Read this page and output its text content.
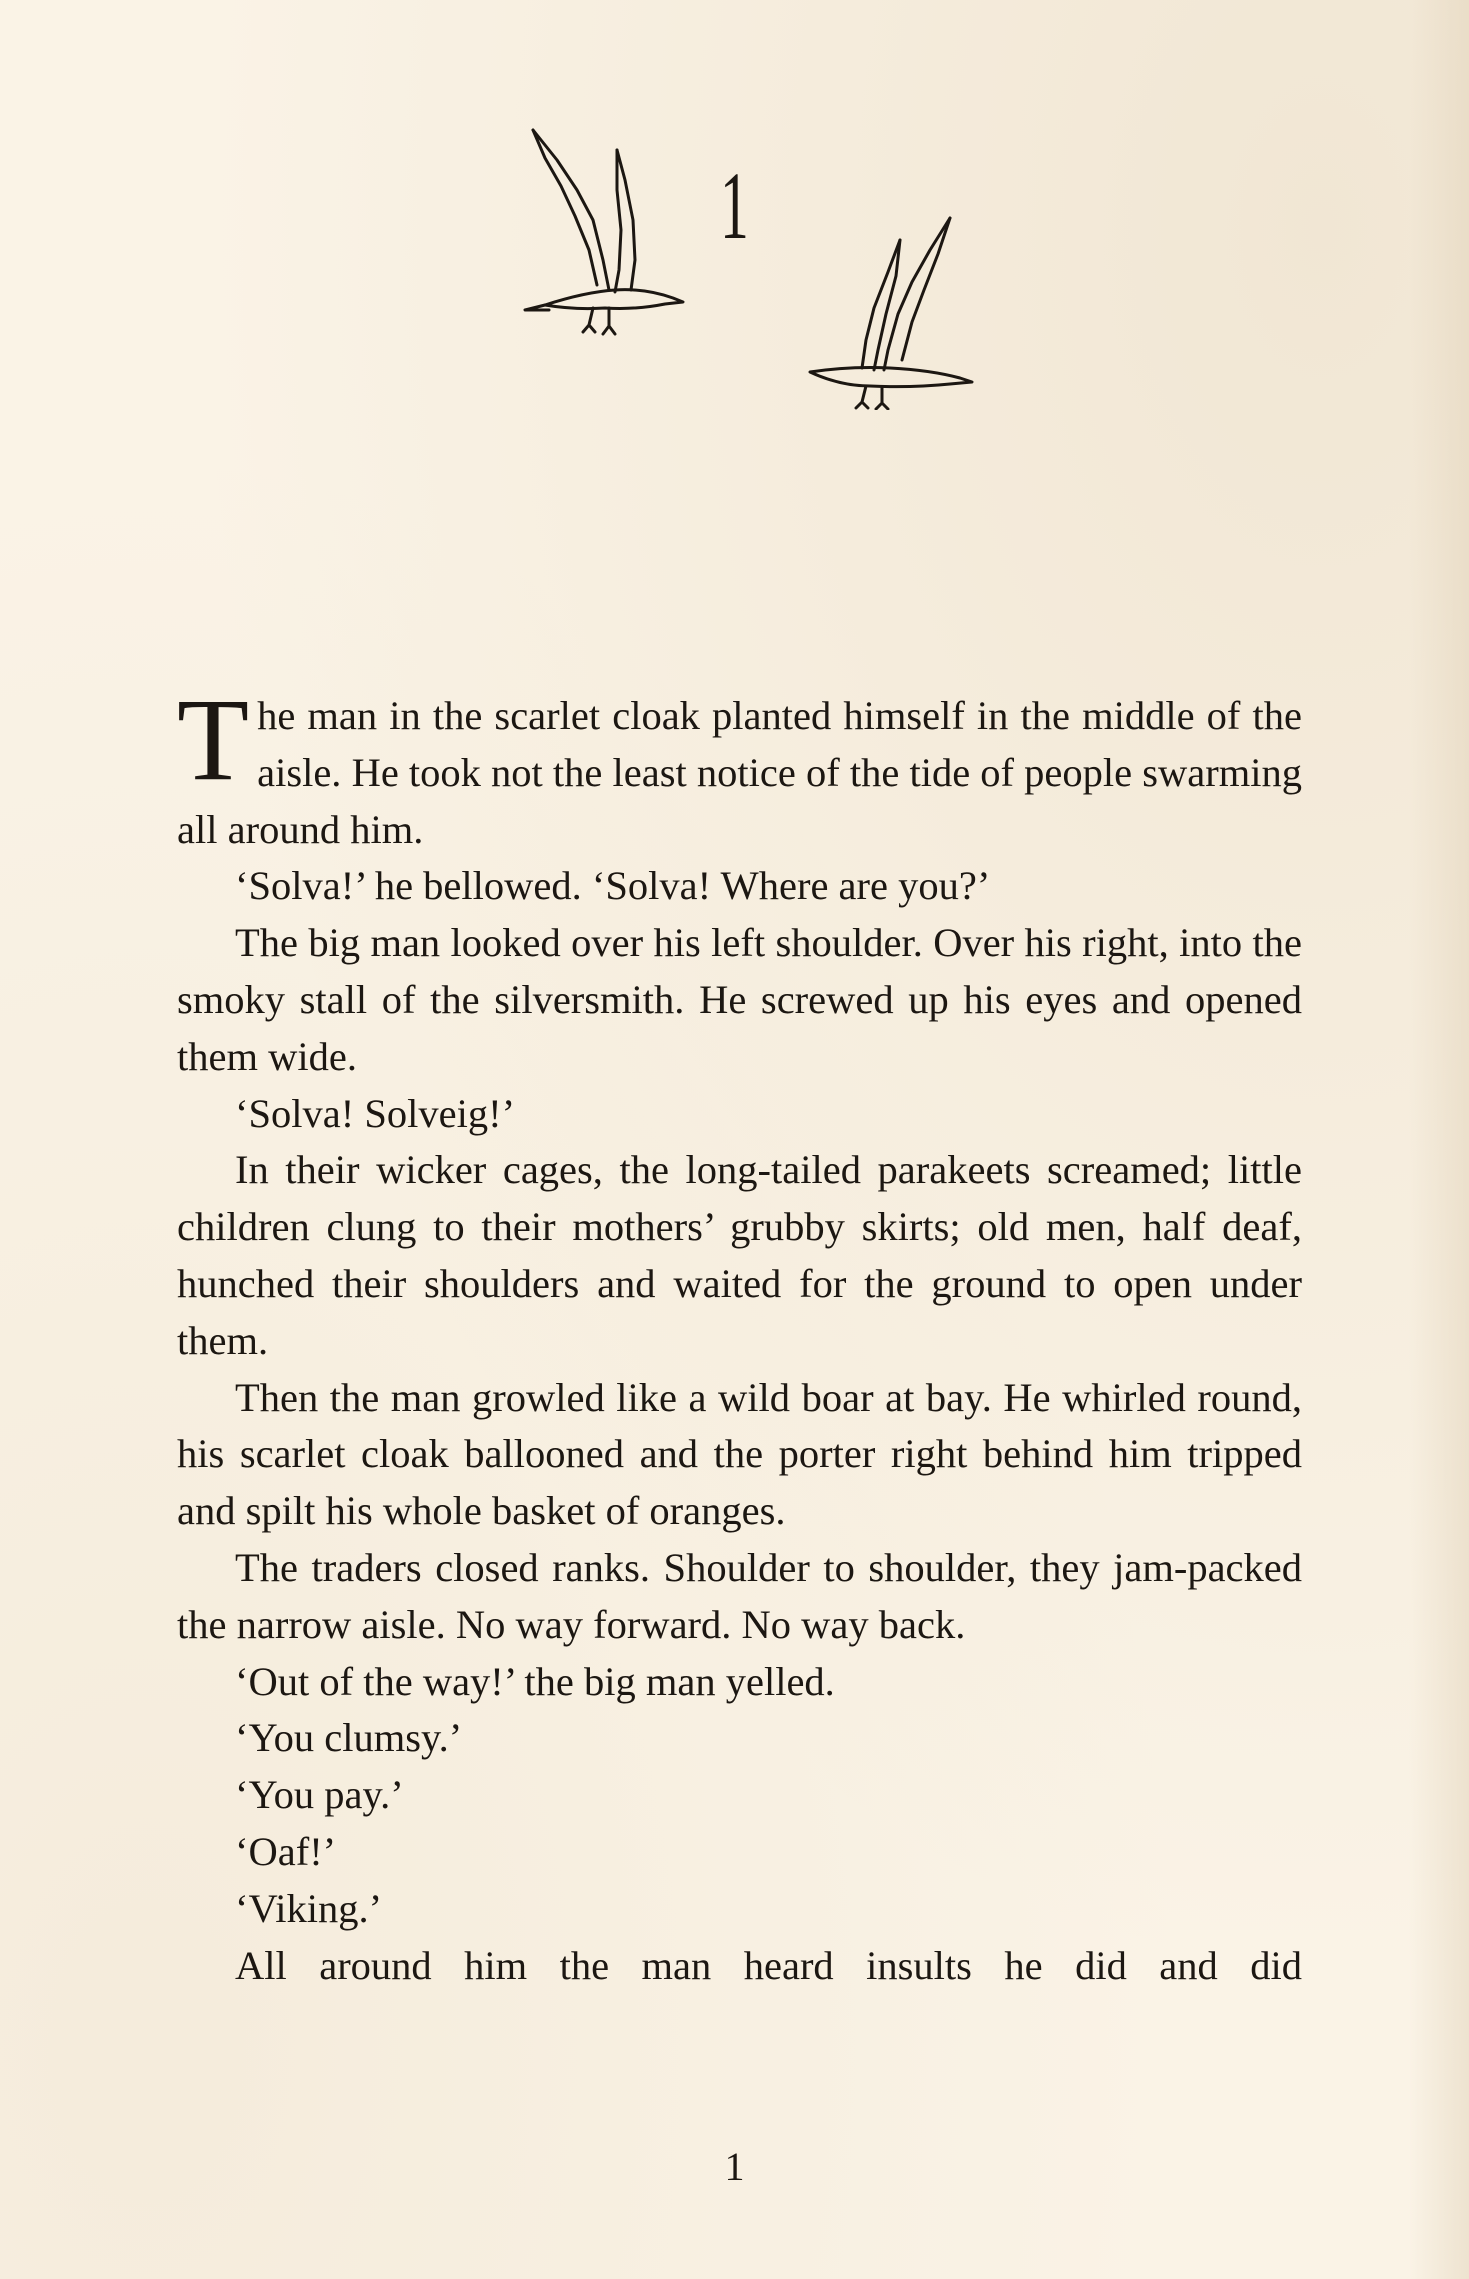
1

The man in the scarlet cloak planted himself in the middle of the aisle. He took not the least notice of the tide of people swarming all around him.

‘Solva!’ he bellowed. ‘Solva! Where are you?’

The big man looked over his left shoulder. Over his right, into the smoky stall of the silversmith. He screwed up his eyes and opened them wide.

‘Solva! Solveig!’

In their wicker cages, the long-tailed parakeets screamed; little children clung to their mothers’ grubby skirts; old men, half deaf, hunched their shoulders and waited for the ground to open under them.

Then the man growled like a wild boar at bay. He whirled round, his scarlet cloak ballooned and the porter right behind him tripped and spilt his whole basket of oranges.

The traders closed ranks. Shoulder to shoulder, they jam-packed the narrow aisle. No way forward. No way back.

‘Out of the way!’ the big man yelled.

‘You clumsy.’

‘You pay.’

‘Oaf!’

‘Viking.’

All around him the man heard insults he did and did

1
